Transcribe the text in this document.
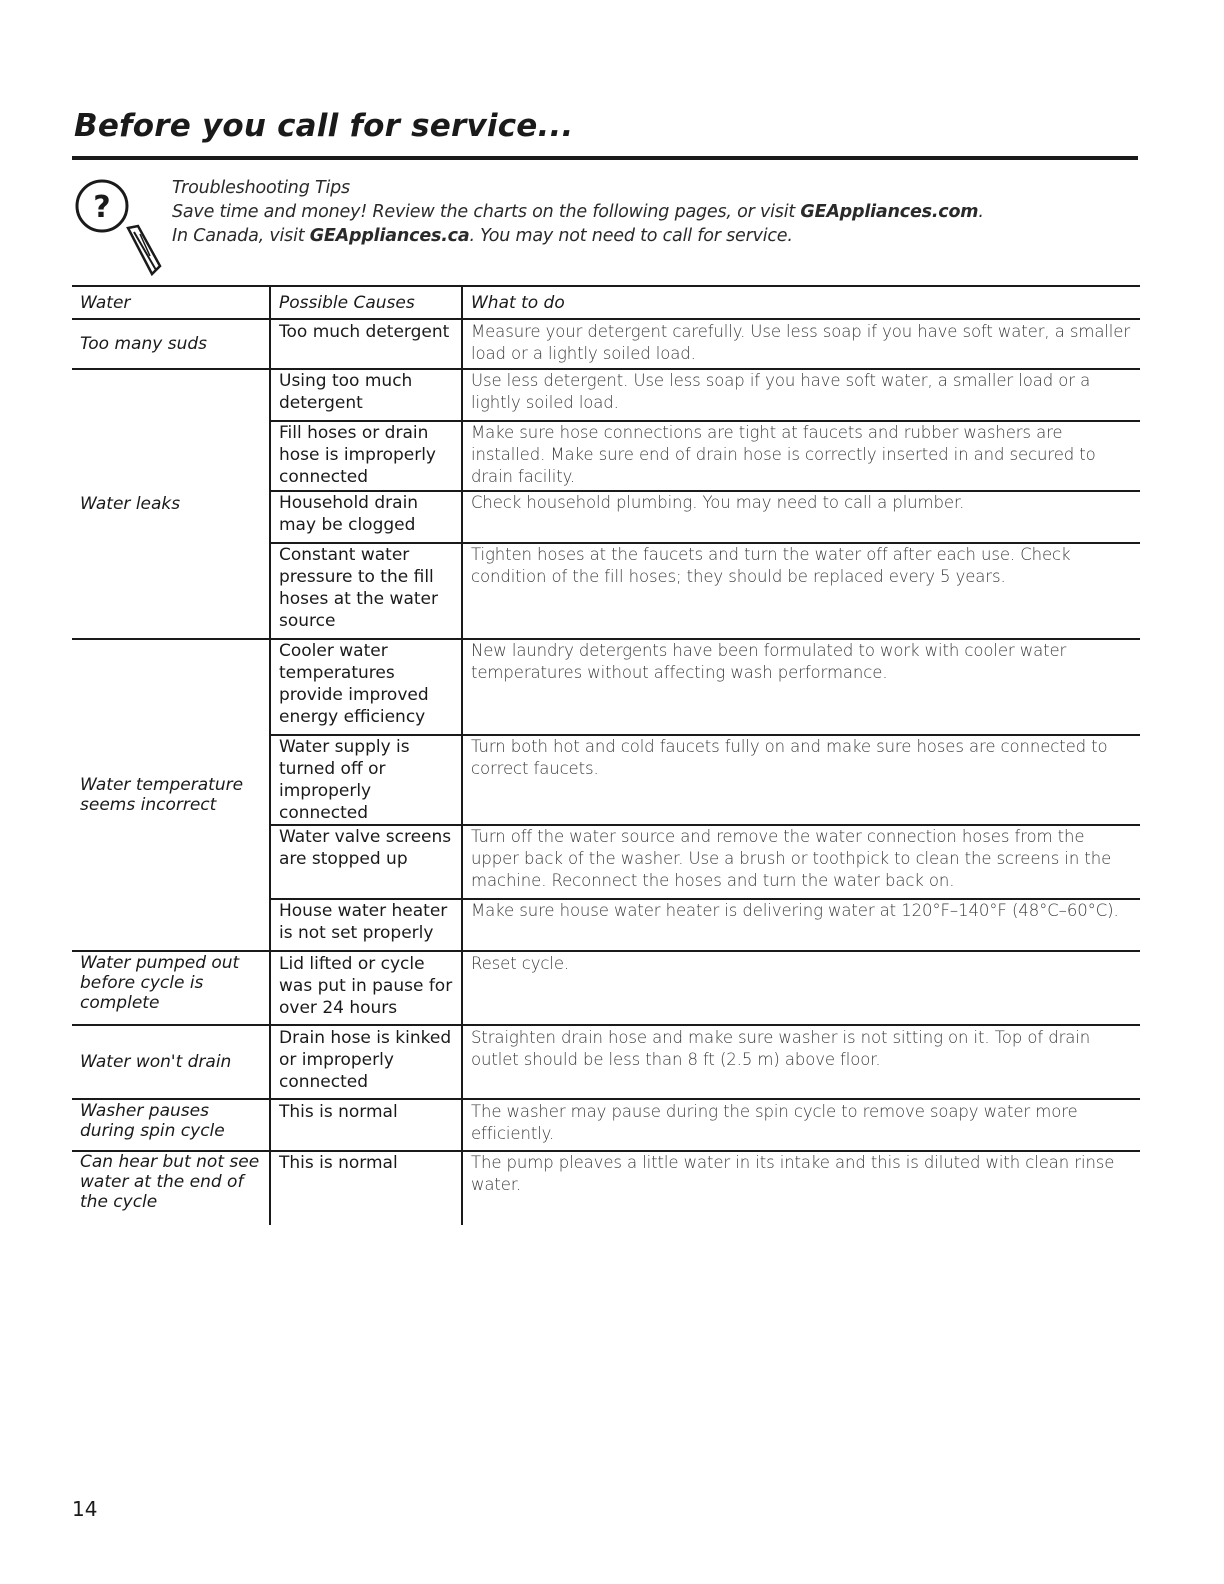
Before you call for service...
?
Troubleshooting Tips
Save time and money! Review the charts on the following pages, or visit GEAppliances.com.
In Canada, visit GEAppliances.ca. You may not need to call for service.
Water	Possible Causes	What to do
Too many suds	Too much detergent	Measure your detergent carefully. Use less soap if you have soft water, a smaller load or a lightly soiled load.
Water leaks	Using too much detergent	Use less detergent. Use less soap if you have soft water, a smaller load or a lightly soiled load.
	Fill hoses or drain hose is improperly connected	Make sure hose connections are tight at faucets and rubber washers are installed. Make sure end of drain hose is correctly inserted in and secured to drain facility.
	Household drain may be clogged	Check household plumbing. You may need to call a plumber.
	Constant water pressure to the fill hoses at the water source	Tighten hoses at the faucets and turn the water off after each use. Check condition of the fill hoses; they should be replaced every 5 years.
Water temperature seems incorrect	Cooler water temperatures provide improved energy efficiency	New laundry detergents have been formulated to work with cooler water temperatures without affecting wash performance.
	Water supply is turned off or improperly connected	Turn both hot and cold faucets fully on and make sure hoses are connected to correct faucets.
	Water valve screens are stopped up	Turn off the water source and remove the water connection hoses from the upper back of the washer. Use a brush or toothpick to clean the screens in the machine. Reconnect the hoses and turn the water back on.
	House water heater is not set properly	Make sure house water heater is delivering water at 120°F–140°F (48°C–60°C).
Water pumped out before cycle is complete	Lid lifted or cycle was put in pause for over 24 hours	Reset cycle.
Water won't drain	Drain hose is kinked or improperly connected	Straighten drain hose and make sure washer is not sitting on it. Top of drain outlet should be less than 8 ft (2.5 m) above floor.
Washer pauses during spin cycle	This is normal	The washer may pause during the spin cycle to remove soapy water more efficiently.
Can hear but not see water at the end of the cycle	This is normal	The pump pleaves a little water in its intake and this is diluted with clean rinse water.
14
